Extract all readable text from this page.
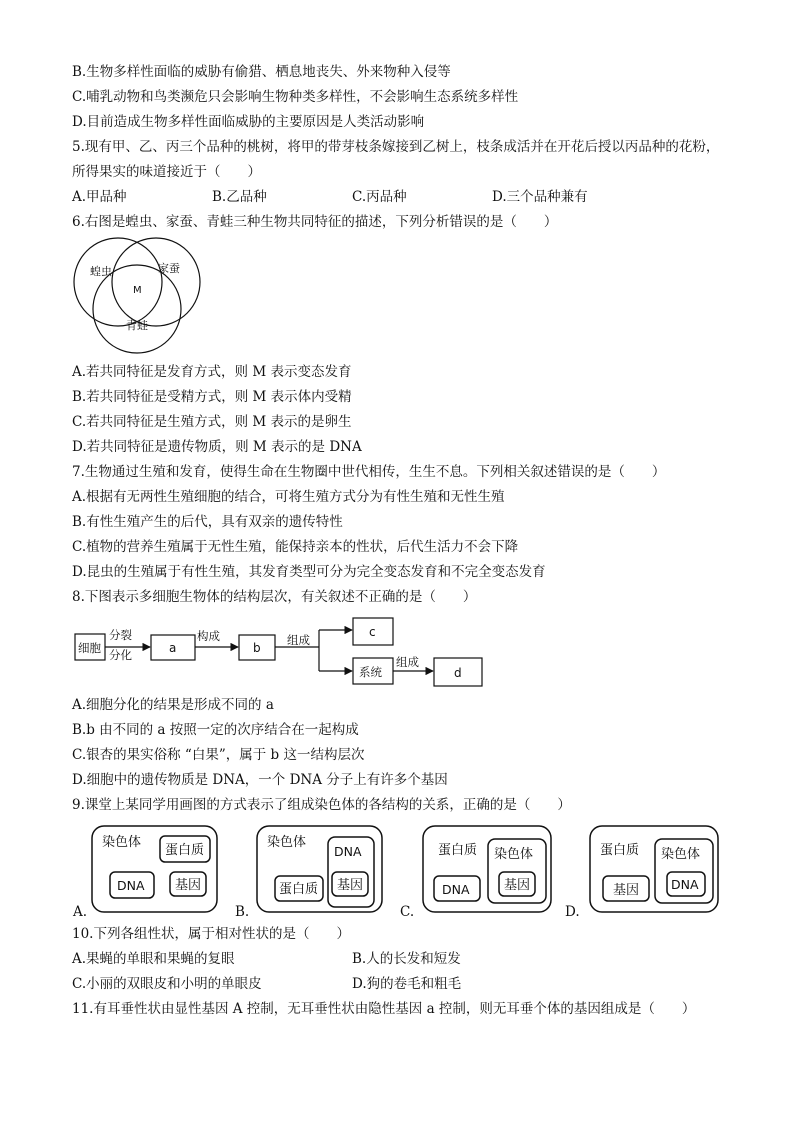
B.生物多样性面临的威胁有偷猎、栖息地丧失、外来物种入侵等
C.哺乳动物和鸟类濒危只会影响生物种类多样性，不会影响生态系统多样性
D.目前造成生物多样性面临威胁的主要原因是人类活动影响
5.现有甲、乙、丙三个品种的桃树，将甲的带芽枝条嫁接到乙树上，枝条成活并在开花后授以丙品种的花粉，
所得果实的味道接近于（　　）
A.甲品种	B.乙品种	C.丙品种	D.三个品种兼有
6.右图是蝗虫、家蚕、青蛙三种生物共同特征的描述，下列分析错误的是（　　）
蝗虫	家蚕
M
青蛙
A.若共同特征是发育方式，则 M 表示变态发育
B.若共同特征是受精方式，则 M 表示体内受精
C.若共同特征是生殖方式，则 M 表示的是卵生
D.若共同特征是遗传物质，则 M 表示的是 DNA
7.生物通过生殖和发育，使得生命在生物圈中世代相传，生生不息。下列相关叙述错误的是（　　）
A.根据有无两性生殖细胞的结合，可将生殖方式分为有性生殖和无性生殖
B.有性生殖产生的后代，具有双亲的遗传特性
C.植物的营养生殖属于无性生殖，能保持亲本的性状，后代生活力不会下降
D.昆虫的生殖属于有性生殖，其发育类型可分为完全变态发育和不完全变态发育
8.下图表示多细胞生物体的结构层次，有关叙述不正确的是（　　）
细胞
分裂
分化	a
构成
b
组成
c
系统
组成
d
A.细胞分化的结果是形成不同的 a
B.b 由不同的 a 按照一定的次序结合在一起构成
C.银杏的果实俗称 “白果”，属于 b 这一结构层次
D.细胞中的遗传物质是 DNA，一个 DNA 分子上有许多个基因
9.课堂上某同学用画图的方式表示了组成染色体的各结构的关系，正确的是（　　）
染色体
蛋白质
DNA 基因
A.
染色体
DNA
基因
蛋白质
B.
蛋白质 染色体
基因
DNA
C.
蛋白质 染色体
DNA
基因
D.
10.下列各组性状，属于相对性状的是（　　）
A.果蝇的单眼和果蝇的复眼	B.人的长发和短发
C.小丽的双眼皮和小明的单眼皮	D.狗的卷毛和粗毛
11.有耳垂性状由显性基因 A 控制，无耳垂性状由隐性基因 a 控制，则无耳垂个体的基因组成是（　　）
